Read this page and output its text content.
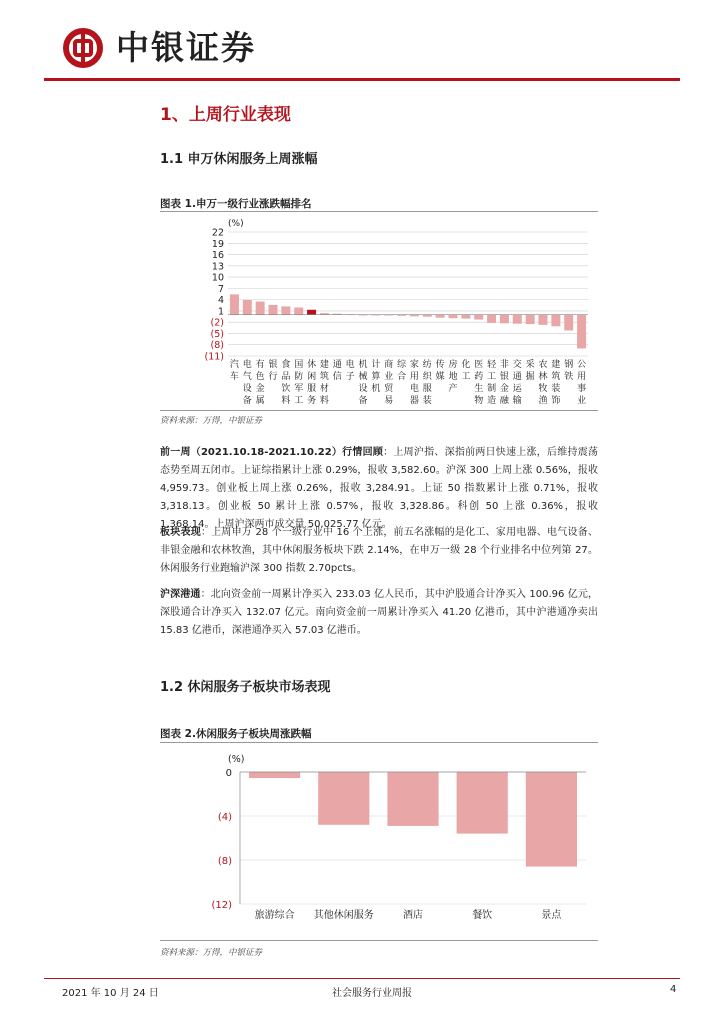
中银证券
1、上周行业表现
1.1 申万休闲服务上周涨幅
图表 1.申万一级行业涨跌幅排名
(%)
22
19
16
13
10
7
4
1
(2)
(5)
(8)
(11)
汽车
电气设备
有色金属
银行
食品饮料
国防军工
休闲服务
建筑材料
通信
电子
机械设备
计算机
商业贸易
综合
家用电器
纺织服装
传媒
房地产
化工
医药生物
轻工制造
非银金融
交通运输
采掘
农林牧渔
建筑装饰
钢铁
公用事业
资料来源：万得，中银证券
前一周（2021.10.18-2021.10.22）行情回顾：上周沪指、深指前两日快速上涨，后维持震荡态势至周五闭市。上证综指累计上涨 0.29%，报收 3,582.60。沪深 300 上周上涨 0.56%，报收 4,959.73。创业板上周上涨 0.26%，报收 3,284.91。上证 50 指数累计上涨 0.71%，报收 3,318.13。创业板 50 累计上涨 0.57%，报收 3,328.86。科创 50 上涨 0.36%，报收 1,368.14。上周沪深两市成交量 50,025.77 亿元。
板块表现：上周申万 28 个一级行业中 16 个上涨，前五名涨幅的是化工、家用电器、电气设备、非银金融和农林牧渔，其中休闲服务板块下跌 2.14%，在申万一级 28 个行业排名中位列第 27。休闲服务行业跑输沪深 300 指数 2.70pcts。
沪深港通：北向资金前一周累计净买入 233.03 亿人民币，其中沪股通合计净买入 100.96 亿元，深股通合计净买入 132.07 亿元。南向资金前一周累计净买入 41.20 亿港币，其中沪港通净卖出 15.83 亿港币，深港通净买入 57.03 亿港币。
1.2 休闲服务子板块市场表现
图表 2.休闲服务子板块周涨跌幅
(%)
0
(4)
(8)
(12)
旅游综合 其他休闲服务	酒店	餐饮	景点
资料来源：万得，中银证券
2021 年 10 月 24 日	社会服务行业周报	4
